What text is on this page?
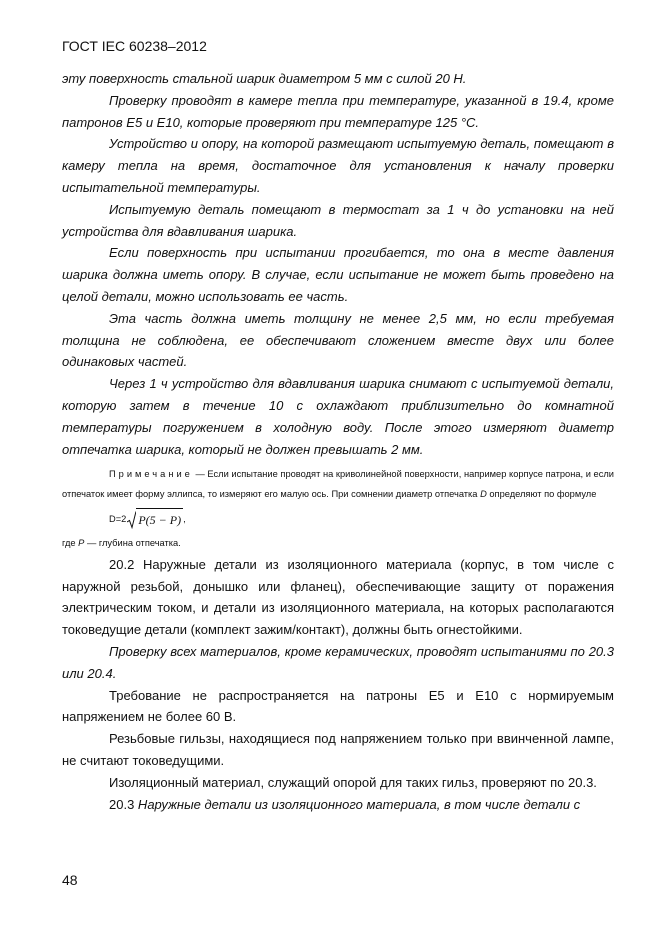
ГОСТ IEC 60238–2012

эту поверхность стальной шарик диаметром 5 мм с силой 20 Н.

Проверку проводят в камере тепла при температуре, указанной в 19.4, кроме патронов Е5 и Е10, которые проверяют при температуре 125 °С.

Устройство и опору, на которой размещают испытуемую деталь, помещают в камеру тепла на время, достаточное для установления к началу проверки испытательной температуры.

Испытуемую деталь помещают в термостат за 1 ч до установки на ней устройства для вдавливания шарика.

Если поверхность при испытании прогибается, то она в месте давления шарика должна иметь опору. В случае, если испытание не может быть проведено на целой детали, можно использовать ее часть.

Эта часть должна иметь толщину не менее 2,5 мм, но если требуемая толщина не соблюдена, ее обеспечивают сложением вместе двух или более одинаковых частей.

Через 1 ч устройство для вдавливания шарика снимают с испытуемой детали, которую затем в течение 10 с охлаждают приблизительно до комнатной температуры погружением в холодную воду. После этого измеряют диаметр отпечатка шарика, который не должен превышать 2 мм.

Примечание — Если испытание проводят на криволинейной поверхности, например корпусе патрона, и если отпечаток имеет форму эллипса, то измеряют его малую ось. При сомнении диаметр отпечатка D определяют по формуле

D=2 P(5 − P) ,

где P — глубина отпечатка.

20.2 Наружные детали из изоляционного материала (корпус, в том числе с наружной резьбой, донышко или фланец), обеспечивающие защиту от поражения электрическим током, и детали из изоляционного материала, на которых располагаются токоведущие детали (комплект зажим/контакт), должны быть огнестойкими.

Проверку всех материалов, кроме керамических, проводят испытаниями по 20.3 или 20.4.

Требование не распространяется на патроны Е5 и Е10 с нормируемым напряжением не более 60 В.

Резьбовые гильзы, находящиеся под напряжением только при ввинченной лампе, не считают токоведущими.

Изоляционный материал, служащий опорой для таких гильз, проверяют по 20.3.

20.3 Наружные детали из изоляционного материала, в том числе детали с

48
